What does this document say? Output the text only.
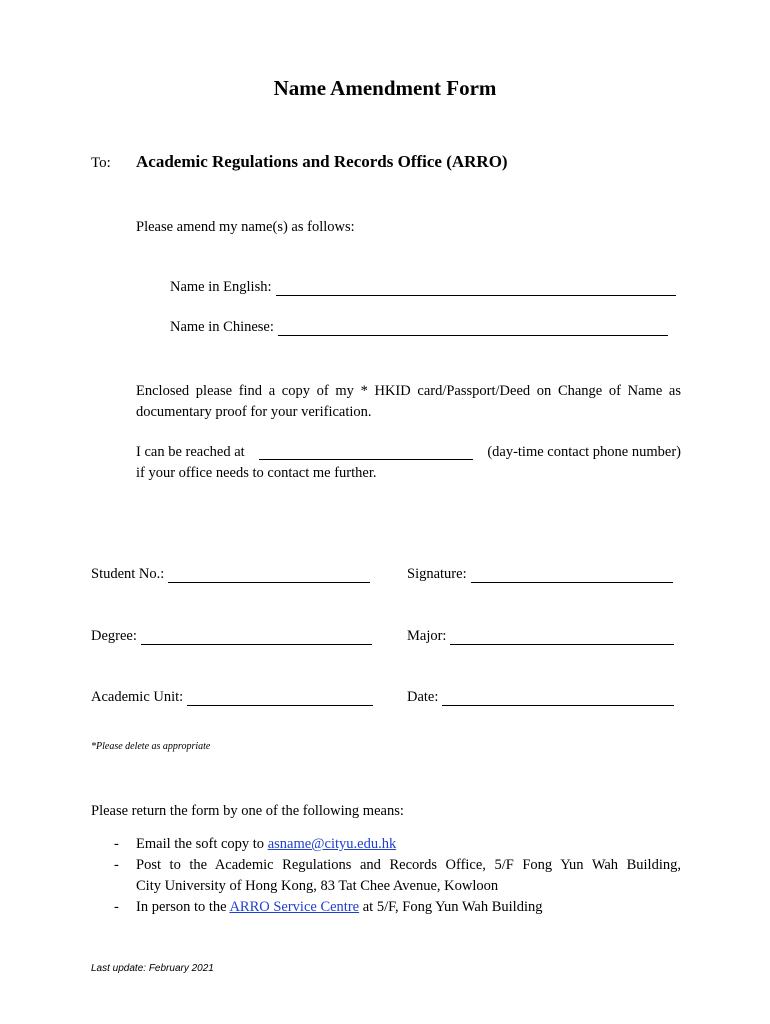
Name Amendment Form
To: Academic Regulations and Records Office (ARRO)
Please amend my name(s) as follows:
Name in English:
Name in Chinese:
Enclosed please find a copy of my * HKID card/Passport/Deed on Change of Name as
documentary proof for your verification.
I can be reached at	(day-time contact phone number)
if your office needs to contact me further.
Student No.:	Signature:
Degree:	Major:
Academic Unit:	Date:
*Please delete as appropriate
Please return the form by one of the following means:
-	Email the soft copy to asname@cityu.edu.hk
-	Post to the Academic Regulations and Records Office, 5/F Fong Yun Wah Building,
City University of Hong Kong, 83 Tat Chee Avenue, Kowloon
-	In person to the ARRO Service Centre at 5/F, Fong Yun Wah Building
Last update: February 2021
